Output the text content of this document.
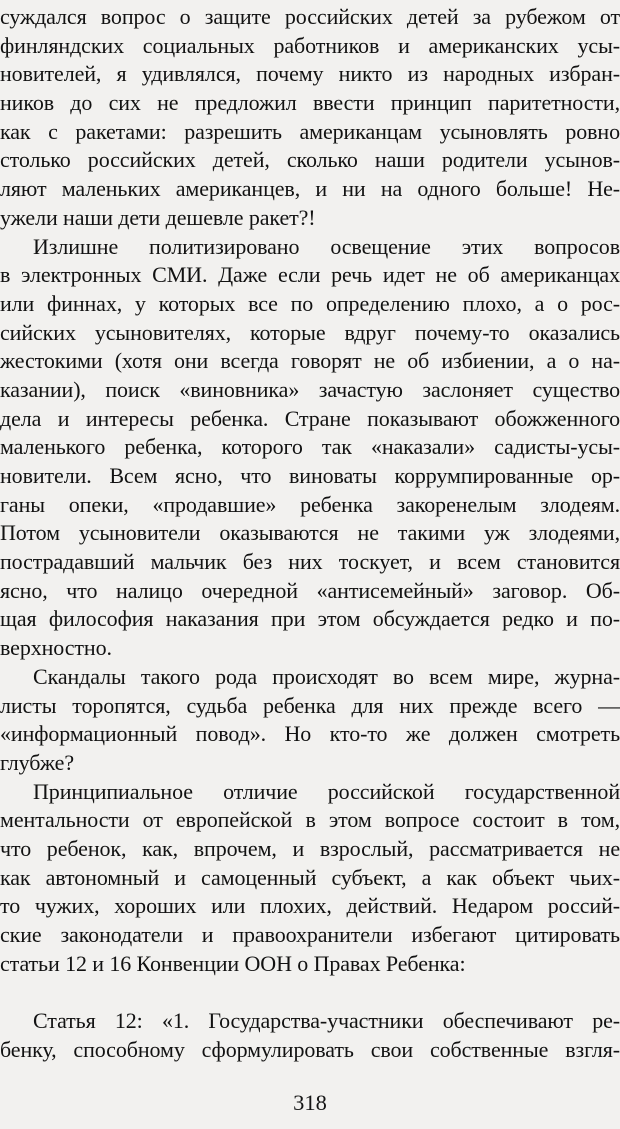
суждался вопрос о защите российских детей за рубежом от
финляндских социальных работников и американских усы-
новителей, я удивлялся, почему никто из народных избран-
ников до сих не предложил ввести принцип паритетности,
как с ракетами: разрешить американцам усыновлять ровно
столько российских детей, сколько наши родители усынов-
ляют маленьких американцев, и ни на одного больше! Не-
ужели наши дети дешевле ракет?!
Излишне политизировано освещение этих вопросов
в электронных СМИ. Даже если речь идет не об американцах
или финнах, у которых все по определению плохо, а о рос-
сийских усыновителях, которые вдруг почему-то оказались
жестокими (хотя они всегда говорят не об избиении, а о на-
казании), поиск «виновника» зачастую заслоняет существо
дела и интересы ребенка. Стране показывают обожженного
маленького ребенка, которого так «наказали» садисты-усы-
новители. Всем ясно, что виноваты коррумпированные ор-
ганы опеки, «продавшие» ребенка закоренелым злодеям.
Потом усыновители оказываются не такими уж злодеями,
пострадавший мальчик без них тоскует, и всем становится
ясно, что налицо очередной «антисемейный» заговор. Об-
щая философия наказания при этом обсуждается редко и по-
верхностно.
Скандалы такого рода происходят во всем мире, журна-
листы торопятся, судьба ребенка для них прежде всего —
«информационный повод». Но кто-то же должен смотреть
глубже?
Принципиальное отличие российской государственной
ментальности от европейской в этом вопросе состоит в том,
что ребенок, как, впрочем, и взрослый, рассматривается не
как автономный и самоценный субъект, а как объект чьих-
то чужих, хороших или плохих, действий. Недаром россий-
ские законодатели и правоохранители избегают цитировать
статьи 12 и 16 Конвенции ООН о Правах Ребенка:
Статья 12: «1. Государства-участники обеспечивают ре-
бенку, способному сформулировать свои собственные взгля-
318
